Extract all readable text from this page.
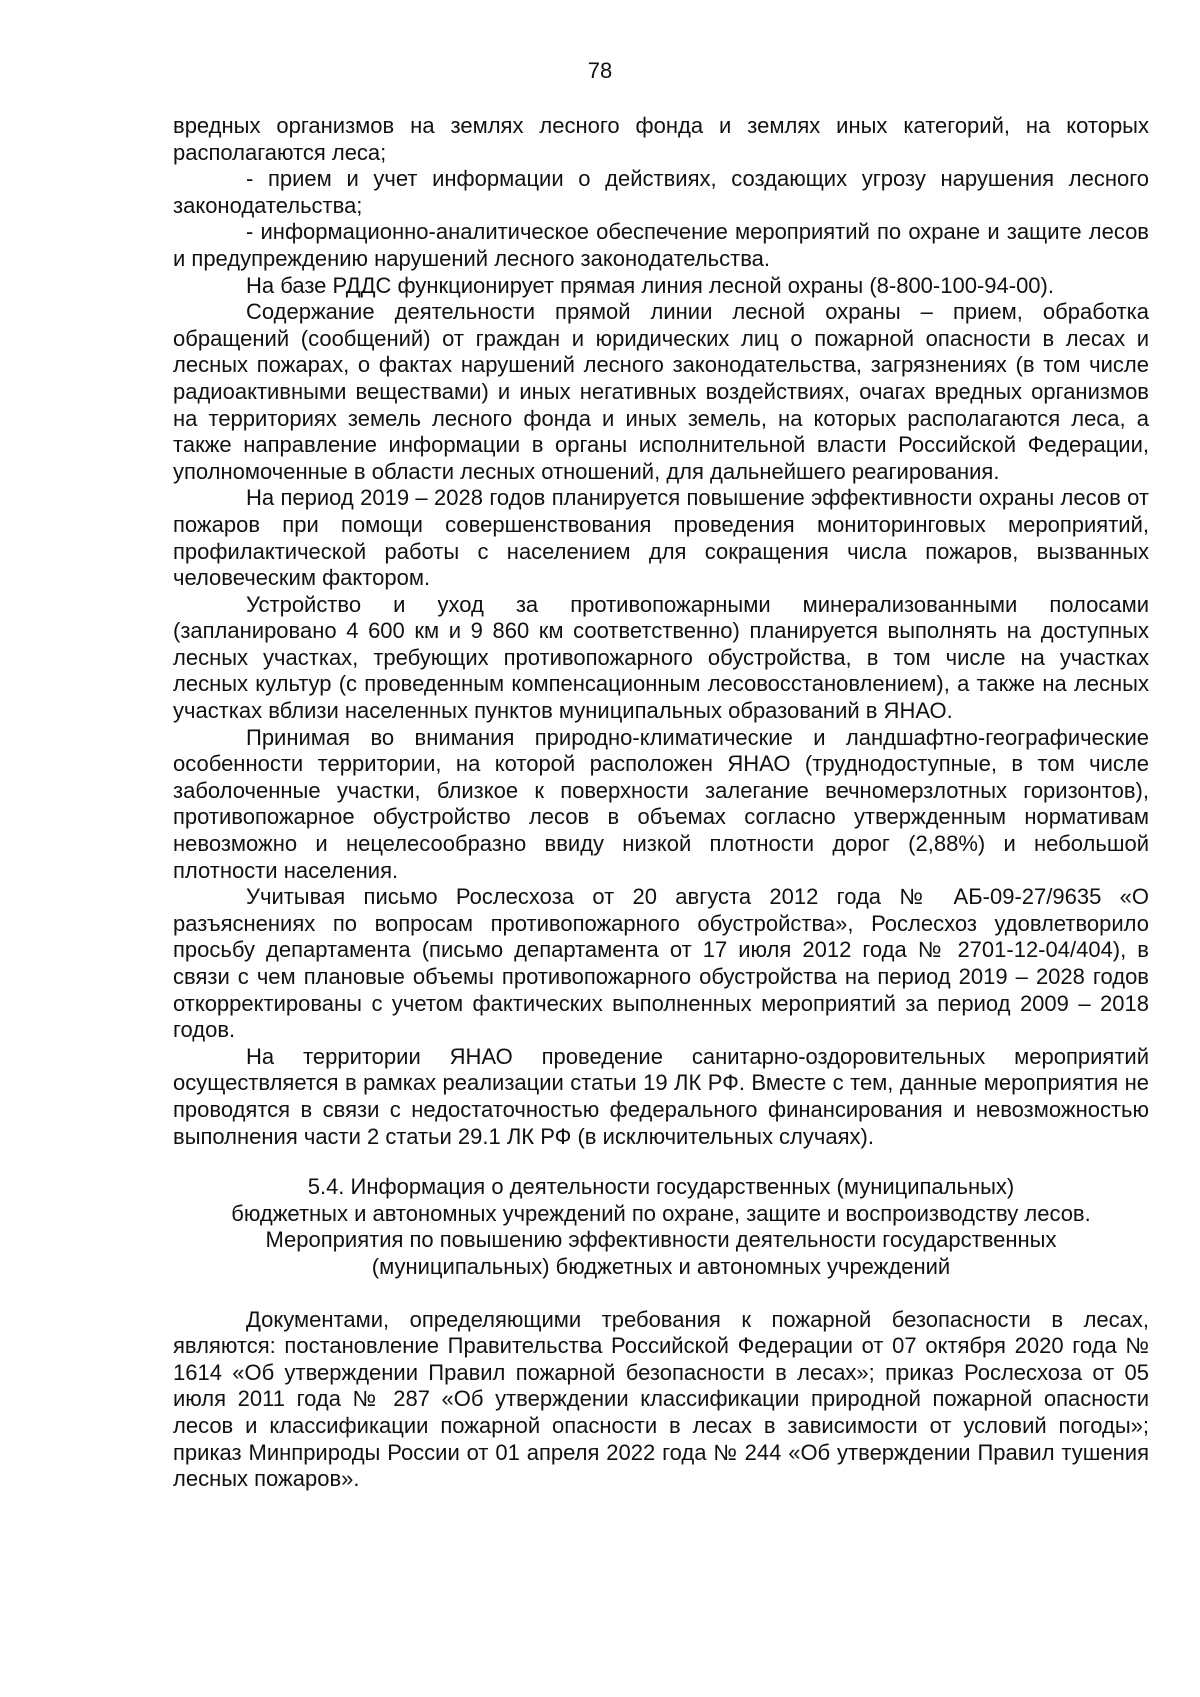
78

вредных организмов на землях лесного фонда и землях иных категорий, на которых располагаются леса;

- прием и учет информации о действиях, создающих угрозу нарушения лесного законодательства;

- информационно-аналитическое обеспечение мероприятий по охране и защите лесов и предупреждению нарушений лесного законодательства.

На базе РДДС функционирует прямая линия лесной охраны (8-800-100-94-00).

Содержание деятельности прямой линии лесной охраны – прием, обработка обращений (сообщений) от граждан и юридических лиц о пожарной опасности в лесах и лесных пожарах, о фактах нарушений лесного законодательства, загрязнениях (в том числе радиоактивными веществами) и иных негативных воздействиях, очагах вредных организмов на территориях земель лесного фонда и иных земель, на которых располагаются леса, а также направление информации в органы исполнительной власти Российской Федерации, уполномоченные в области лесных отношений, для дальнейшего реагирования.

На период 2019 – 2028 годов планируется повышение эффективности охраны лесов от пожаров при помощи совершенствования проведения мониторинговых мероприятий, профилактической работы с населением для сокращения числа пожаров, вызванных человеческим фактором.

Устройство и уход за противопожарными минерализованными полосами (запланировано 4 600 км и 9 860 км соответственно) планируется выполнять на доступных лесных участках, требующих противопожарного обустройства, в том числе на участках лесных культур (с проведенным компенсационным лесовосстановлением), а также на лесных участках вблизи населенных пунктов муниципальных образований в ЯНАО.

Принимая во внимания природно-климатические и ландшафтно-географические особенности территории, на которой расположен ЯНАО (труднодоступные, в том числе заболоченные участки, близкое к поверхности залегание вечномерзлотных горизонтов), противопожарное обустройство лесов в объемах согласно утвержденным нормативам невозможно и нецелесообразно ввиду низкой плотности дорог (2,88%) и небольшой плотности населения.

Учитывая письмо Рослесхоза от 20 августа 2012 года № АБ-09-27/9635 «О разъяснениях по вопросам противопожарного обустройства», Рослесхоз удовлетворило просьбу департамента (письмо департамента от 17 июля 2012 года № 2701-12-04/404), в связи с чем плановые объемы противопожарного обустройства на период 2019 – 2028 годов откорректированы с учетом фактических выполненных мероприятий за период 2009 – 2018 годов.

На территории ЯНАО проведение санитарно-оздоровительных мероприятий осуществляется в рамках реализации статьи 19 ЛК РФ. Вместе с тем, данные мероприятия не проводятся в связи с недостаточностью федерального финансирования и невозможностью выполнения части 2 статьи 29.1 ЛК РФ (в исключительных случаях).

5.4. Информация о деятельности государственных (муниципальных)
бюджетных и автономных учреждений по охране, защите и воспроизводству лесов.
Мероприятия по повышению эффективности деятельности государственных
(муниципальных) бюджетных и автономных учреждений

Документами, определяющими требования к пожарной безопасности в лесах, являются: постановление Правительства Российской Федерации от 07 октября 2020 года № 1614 «Об утверждении Правил пожарной безопасности в лесах»; приказ Рослесхоза от 05 июля 2011 года № 287 «Об утверждении классификации природной пожарной опасности лесов и классификации пожарной опасности в лесах в зависимости от условий погоды»; приказ Минприроды России от 01 апреля 2022 года № 244 «Об утверждении Правил тушения лесных пожаров».
